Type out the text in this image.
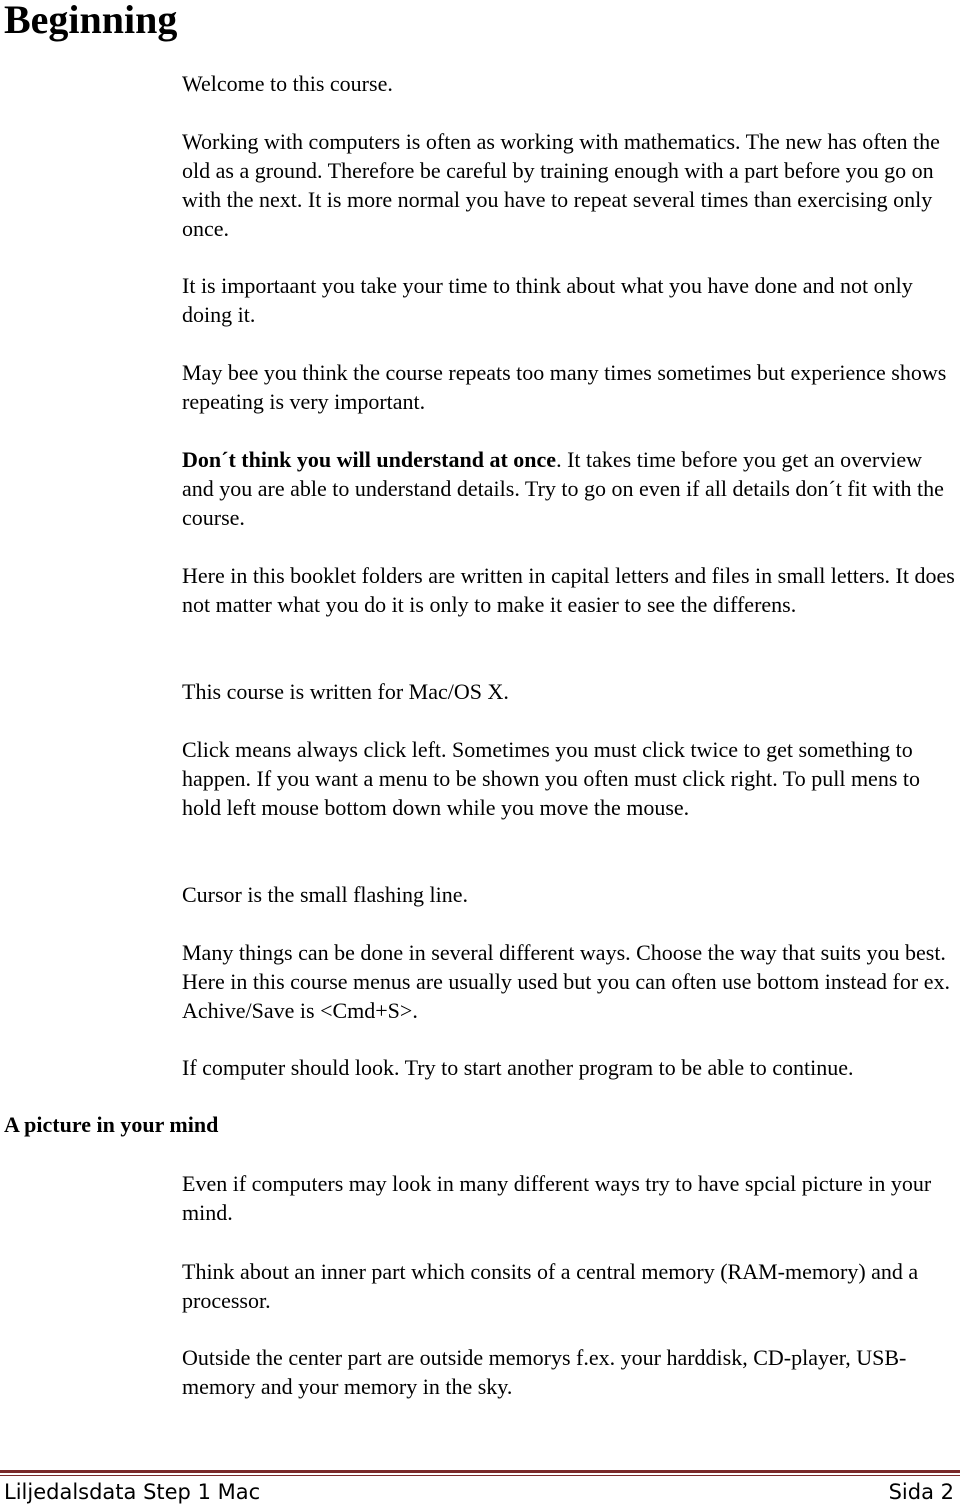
Beginning

Welcome to this course.

Working with computers is often as working with mathematics. The new has often the old as a ground. Therefore be careful by training enough with a part before you go on with the next. It is more normal you have to repeat several times than exercising only once.

It is importaant you take your time to think about what you have done and not only doing it.

May bee you think the course repeats too many times sometimes but experience shows repeating is very important.

Don´t think you will understand at once. It takes time before you get an overview and you are able to understand details. Try to go on even if all details don´t fit with the course.

Here in this booklet folders are written in capital letters and files in small letters. It does not matter what you do it is only to make it easier to see the differens.

This course is written for Mac/OS X.

Click means always click left. Sometimes you must click twice to get something to happen. If you want a menu to be shown you often must click right. To pull mens to hold left mouse bottom down while you move the mouse.

Cursor is the small flashing line.

Many things can be done in several different ways. Choose the way that suits you best. Here in this course menus are usually used but you can often use bottom instead for ex. Achive/Save is <Cmd+S>.

If computer should look. Try to start another program to be able to continue.

A picture in your mind

Even if computers may look in many different ways try to have spcial picture in your mind.

Think about an inner part which consits of a central memory (RAM-memory) and a processor.

Outside the center part are outside memorys f.ex. your harddisk, CD-player, USB-memory and your memory in the sky.

Liljedalsdata Step 1 Mac	Sida 2
